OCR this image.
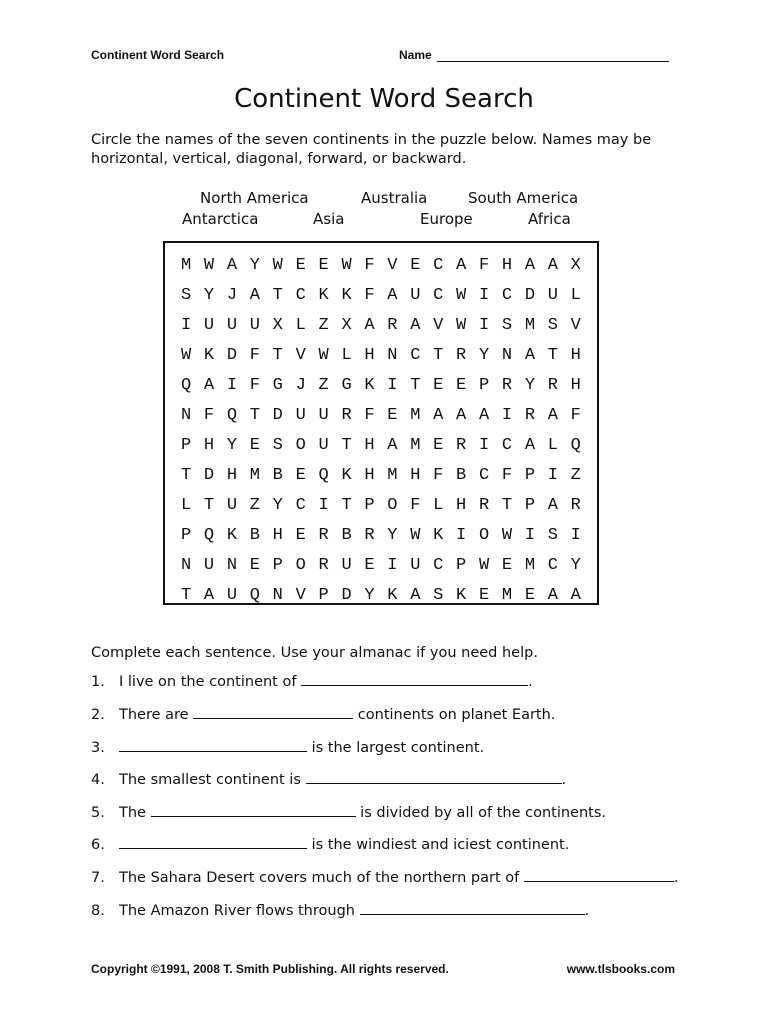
Continent Word Search	Name
Continent Word Search
Circle the names of the seven continents in the puzzle below. Names may be horizontal, vertical, diagonal, forward, or backward.
North America	Australia	South America
Antarctica	Asia	Europe	Africa
M W A Y W E E W F V E C A F H A A X
S Y J A T C K K F A U C W I C D U L
I U U U X L Z X A R A V W I S M S V
W K D F T V W L H N C T R Y N A T H
Q A I F G J Z G K I T E E P R Y R H
N F Q T D U U R F E M A A A I R A F
P H Y E S O U T H A M E R I C A L Q
T D H M B E Q K H M H F B C F P I Z
L T U Z Y C I T P O F L H R T P A R
P Q K B H E R B R Y W K I O W I S I
N U N E P O R U E I U C P W E M C Y
T A U Q N V P D Y K A S K E M E A A
Complete each sentence. Use your almanac if you need help.
1. I live on the continent of	.
2. There are	continents on planet Earth.
3.	is the largest continent.
4. The smallest continent is	.
5. The	is divided by all of the continents.
6.	is the windiest and iciest continent.
7. The Sahara Desert covers much of the northern part of	.
8. The Amazon River flows through	.
Copyright ©1991, 2008 T. Smith Publishing. All rights reserved.	www.tlsbooks.com
